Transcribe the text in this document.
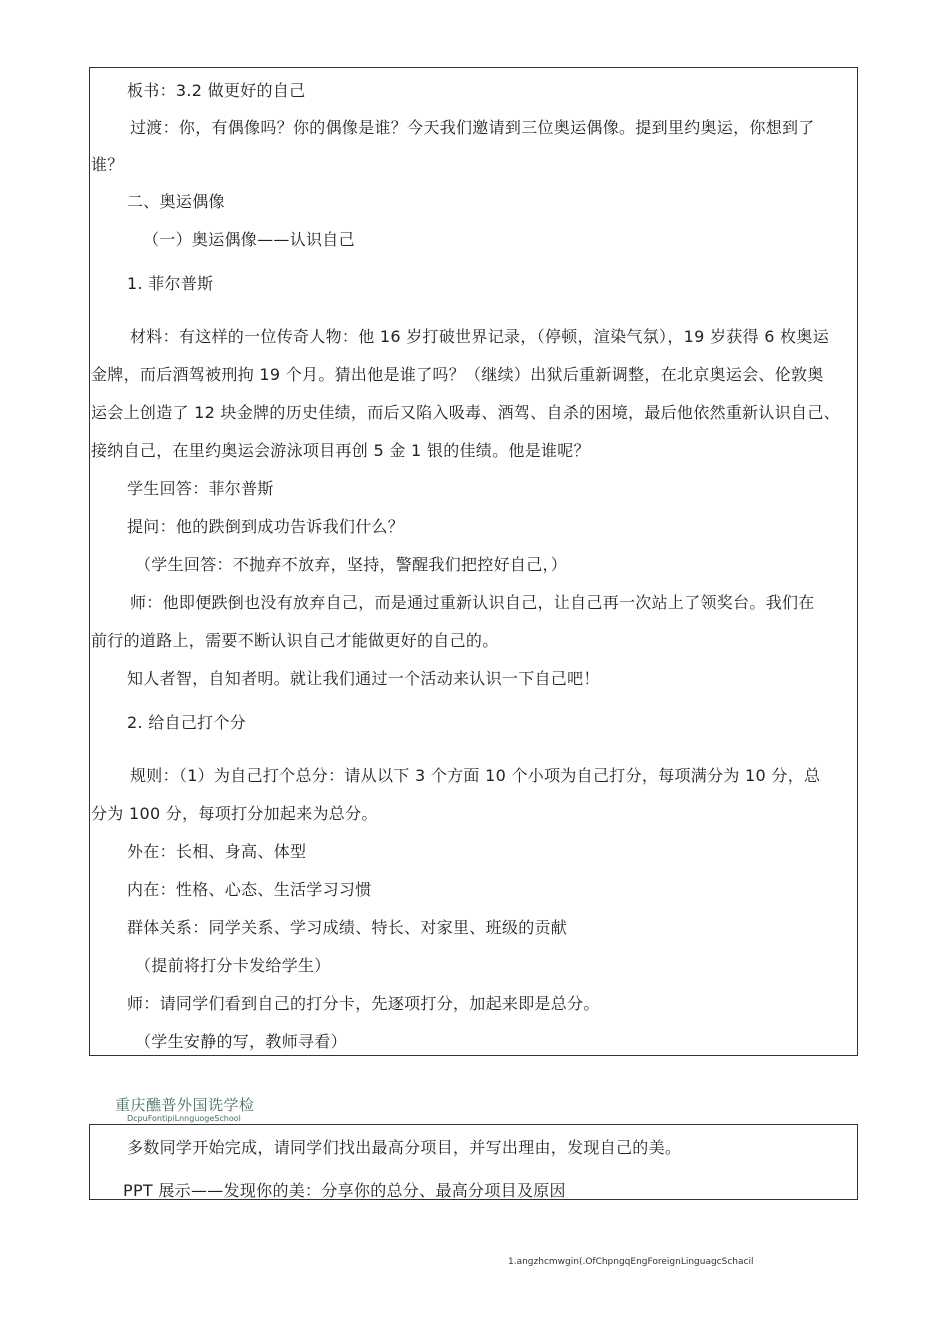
板书：3.2 做更好的自己
过渡：你，有偶像吗？你的偶像是谁？今天我们邀请到三位奥运偶像。提到里约奥运，你想到了
谁？
二、奥运偶像
（一）奥运偶像——认识自己
1. 菲尔普斯
材料：有这样的一位传奇人物：他 16 岁打破世界记录，（停顿，渲染气氛），19 岁获得 6 枚奥运
金牌，而后酒驾被刑拘 19 个月。猜出他是谁了吗？（继续）出狱后重新调整，在北京奥运会、伦敦奥
运会上创造了 12 块金牌的历史佳绩，而后又陷入吸毒、酒驾、自杀的困境，最后他依然重新认识自己、
接纳自己，在里约奥运会游泳项目再创 5 金 1 银的佳绩。他是谁呢？
学生回答：菲尔普斯
提问：他的跌倒到成功告诉我们什么？
（学生回答：不抛弃不放弃，坚持，警醒我们把控好自己，）
师：他即便跌倒也没有放弃自己，而是通过重新认识自己，让自己再一次站上了领奖台。我们在
前行的道路上，需要不断认识自己才能做更好的自己的。
知人者智，自知者明。就让我们通过一个活动来认识一下自己吧！
2. 给自己打个分
规则：（1）为自己打个总分：请从以下 3 个方面 10 个小项为自己打分，每项满分为 10 分，总
分为 100 分，每项打分加起来为总分。
外在：长相、身高、体型
内在：性格、心态、生活学习习惯
群体关系：同学关系、学习成绩、特长、对家里、班级的贡献
（提前将打分卡发给学生）
师：请同学们看到自己的打分卡，先逐项打分，加起来即是总分。
（学生安静的写，教师寻看）
重庆醮普外国诜学检
DcpuFontipiLnnguogeSchool
多数同学开始完成，请同学们找出最高分项目，并写出理由，发现自己的美。
PPT 展示——发现你的美：分享你的总分、最高分项目及原因
1.angzhcmwgin(.OfChpngqEngForeignLinguagcSchacil
